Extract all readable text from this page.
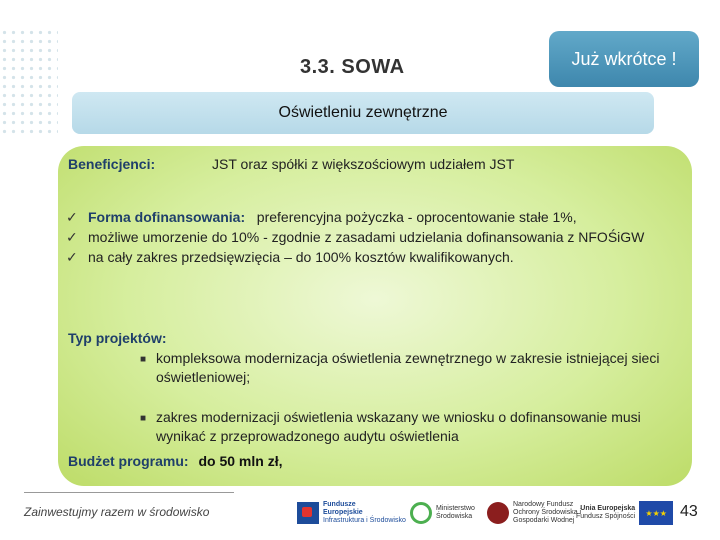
3.3. SOWA	Już wkrótce !
Oświetleniu zewnętrzne
Beneficjenci:	JST oraz spółki z większościowym udziałem JST
✓ Forma dofinansowania: preferencyjna pożyczka - oprocentowanie stałe 1%,
✓ możliwe umorzenie do 10% - zgodnie z zasadami udzielania dofinansowania z NFOŚiGW
✓ na cały zakres przedsięwzięcia – do 100% kosztów kwalifikowanych.
Typ projektów:
■ kompleksowa modernizacja oświetlenia zewnętrznego w zakresie istniejącej sieci oświetleniowej;
■ zakres modernizacji oświetlenia wskazany we wniosku o dofinansowanie musi wynikać z przeprowadzonego audytu oświetlenia
Budżet programu: do 50 mln zł,
Zainwestujmy razem w środowisko
Fundusze
Europejskie
Infrastruktura i Środowisko
Ministerstwo Środowiska
Narodowy Fundusz Ochrony Środowiska i Gospodarki Wodnej
Unia Europejska
Fundusz Spójności	★★★ 43
